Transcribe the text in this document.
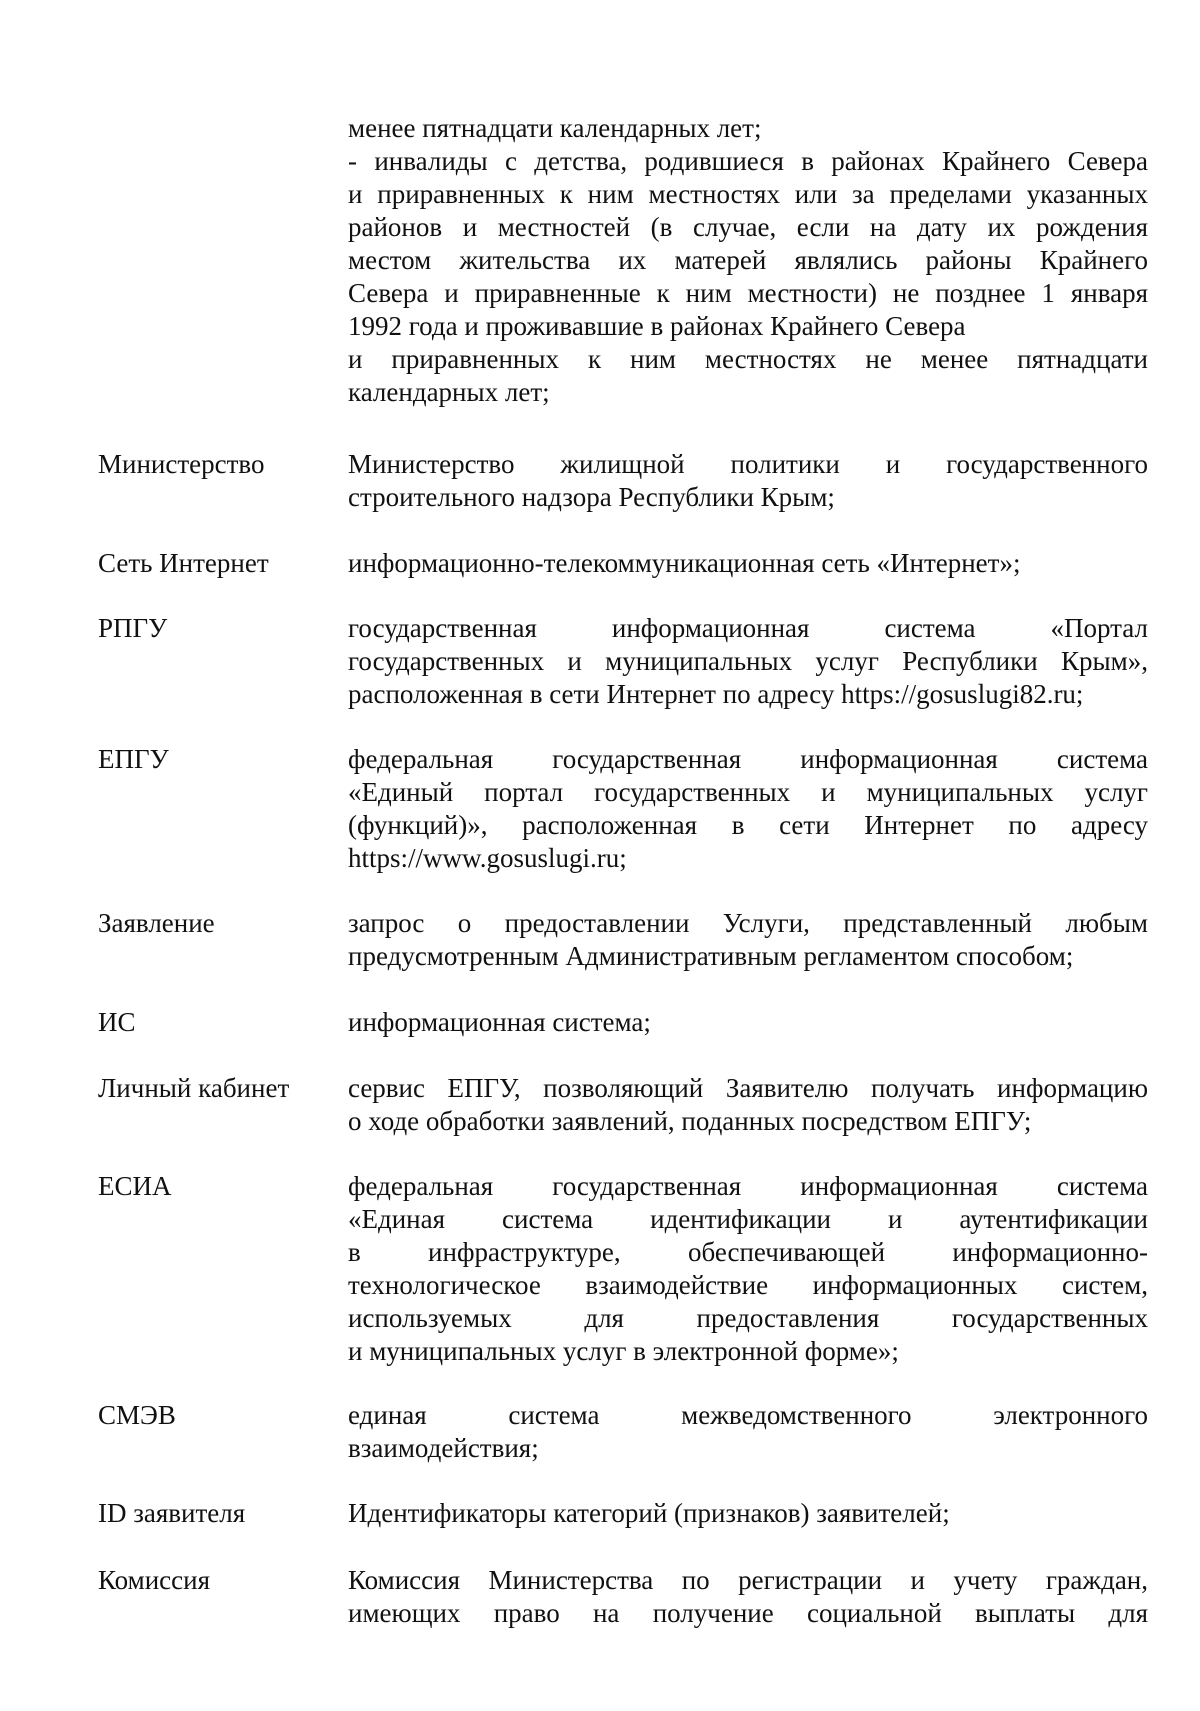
менее пятнадцати календарных лет;
- инвалиды с детства, родившиеся в районах Крайнего Севера
и приравненных к ним местностях или за пределами указанных
районов и местностей (в случае, если на дату их рождения
местом жительства их матерей являлись районы Крайнего
Севера и приравненные к ним местности) не позднее 1 января
1992 года и проживавшие в районах Крайнего Севера
и приравненных к ним местностях не менее пятнадцати
календарных лет;
Министерство	Министерство жилищной политики и государственного
строительного надзора Республики Крым;
Сеть Интернет	информационно-телекоммуникационная сеть «Интернет»;
РПГУ	государственная информационная система «Портал
государственных и муниципальных услуг Республики Крым»,
расположенная в сети Интернет по адресу https://gosuslugi82.ru;
ЕПГУ	федеральная государственная информационная система
«Единый портал государственных и муниципальных услуг
(функций)», расположенная в сети Интернет по адресу
https://www.gosuslugi.ru;
Заявление	запрос о предоставлении Услуги, представленный любым
предусмотренным Административным регламентом способом;
ИС	информационная система;
Личный кабинет	сервис ЕПГУ, позволяющий Заявителю получать информацию
о ходе обработки заявлений, поданных посредством ЕПГУ;
ЕСИА	федеральная государственная информационная система
«Единая система идентификации и аутентификации
в инфраструктуре, обеспечивающей информационно-
технологическое взаимодействие информационных систем,
используемых для предоставления государственных
и муниципальных услуг в электронной форме»;
СМЭВ	единая система межведомственного электронного
взаимодействия;
ID заявителя	Идентификаторы категорий (признаков) заявителей;
Комиссия	Комиссия Министерства по регистрации и учету граждан,
имеющих право на получение социальной выплаты для
